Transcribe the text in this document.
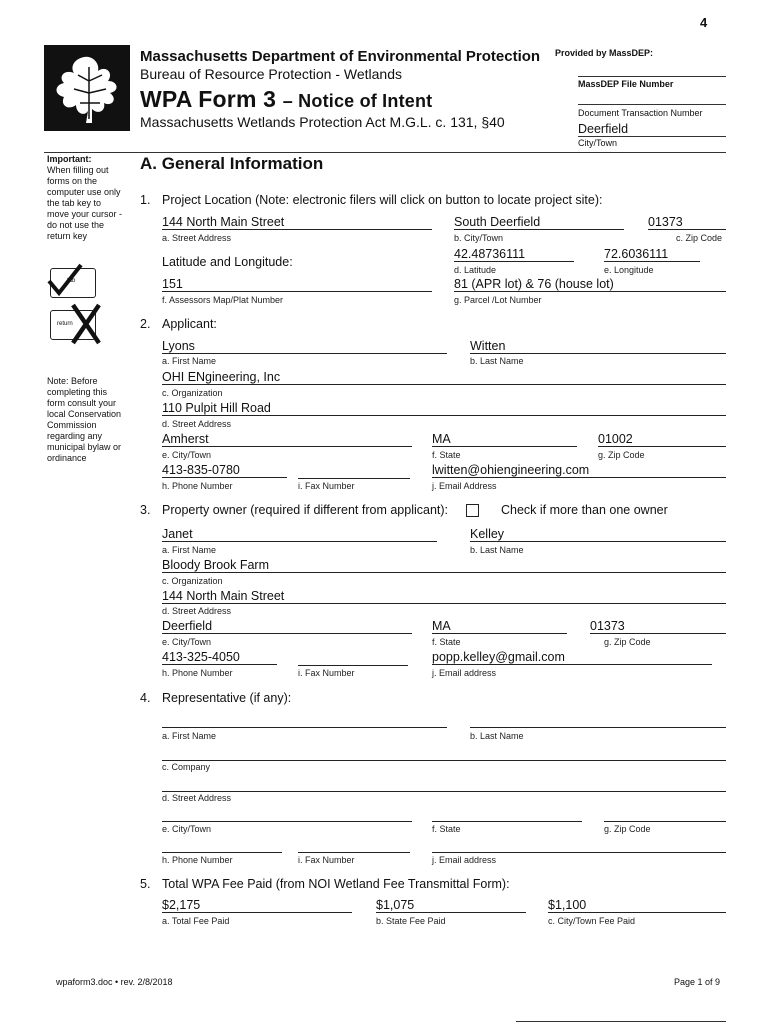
4
Massachusetts Department of Environmental Protection
Bureau of Resource Protection - Wetlands
WPA Form 3 – Notice of Intent
Massachusetts Wetlands Protection Act M.G.L. c. 131, §40
Provided by MassDEP:
MassDEP File Number
Document Transaction Number
Deerfield
City/Town
Important:
When filling out forms on the computer use only the tab key to move your cursor - do not use the return key
tab
return
Note: Before completing this form consult your local Conservation Commission regarding any municipal bylaw or ordinance
A. General Information
1. Project Location (Note: electronic filers will click on button to locate project site):
144 North Main Street
a. Street Address
South Deerfield
b. City/Town
01373
c. Zip Code
Latitude and Longitude:
42.48736111
d. Latitude
72.6036111
e. Longitude
151
f. Assessors Map/Plat Number
81 (APR lot) & 76 (house lot)
g. Parcel /Lot Number
2. Applicant:
Lyons
a. First Name
Witten
b. Last Name
OHI ENgineering, Inc
c. Organization
110 Pulpit Hill Road
d. Street Address
Amherst
e. City/Town
MA
f. State
01002
g. Zip Code
413-835-0780
h. Phone Number	i. Fax Number
lwitten@ohiengineering.com
j. Email Address
3. Property owner (required if different from applicant):	Check if more than one owner
Janet
a. First Name
Kelley
b. Last Name
Bloody Brook Farm
c. Organization
144 North Main Street
d. Street Address
Deerfield
e. City/Town
MA
f. State
01373
g. Zip Code
413-325-4050
h. Phone Number	i. Fax Number
popp.kelley@gmail.com
j. Email address
4. Representative (if any):
a. First Name	b. Last Name
c. Company
d. Street Address
e. City/Town	f. State	g. Zip Code
h. Phone Number	i. Fax Number	j. Email address
5. Total WPA Fee Paid (from NOI Wetland Fee Transmittal Form):
$2,175
a. Total Fee Paid
$1,075
b. State Fee Paid
$1,100
c. City/Town Fee Paid
wpaform3.doc • rev. 2/8/2018	Page 1 of 9
